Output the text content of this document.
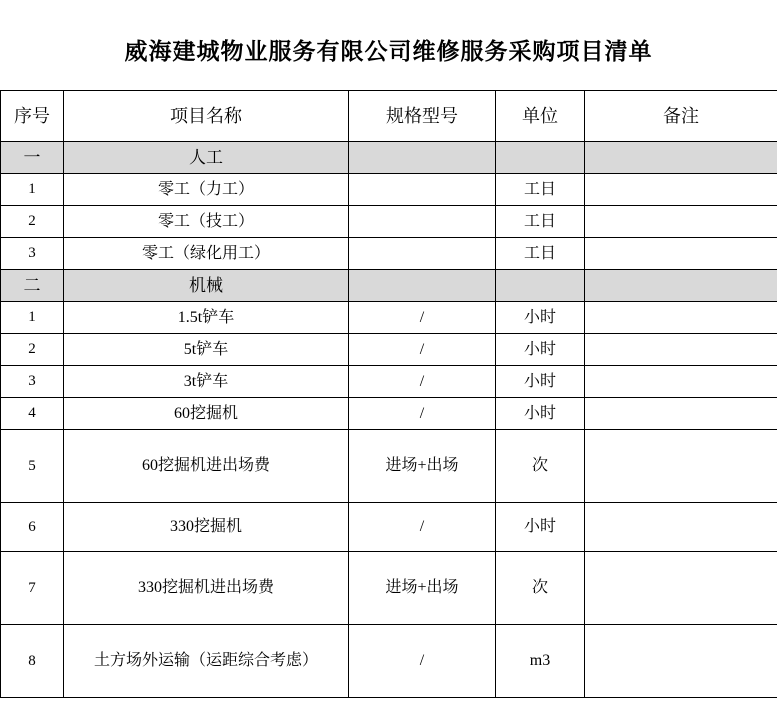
威海建城物业服务有限公司维修服务采购项目清单
序号	项目名称	规格型号	单位	备注
一	人工			
1	零工（力工）		工日	
2	零工（技工）		工日	
3	零工（绿化用工）		工日	
二	机械			
1	1.5t铲车	/	小时	
2	5t铲车	/	小时	
3	3t铲车	/	小时	
4	60挖掘机	/	小时	
5	60挖掘机进出场费	进场+出场	次	
6	330挖掘机	/	小时	
7	330挖掘机进出场费	进场+出场	次	
8	土方场外运输（运距综合考虑）	/	m3	
